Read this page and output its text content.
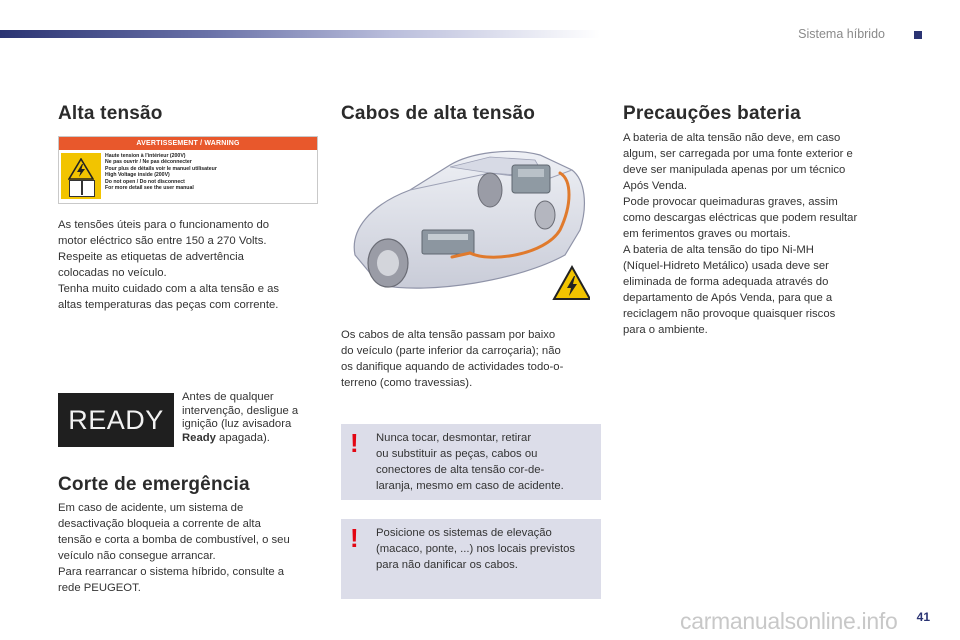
Sistema híbrido
Alta tensão
AVERTISSEMENT / WARNING
Haute tension à l'intérieur (200V)
Ne pas ouvrir / Ne pas déconnecter
Pour plus de détails voir le manuel utilisateur
High Voltage inside (200V)
Do not open / Do not disconnect
For more detail see the user manual

As tensões úteis para o funcionamento do

motor eléctrico são entre 150 a 270 Volts.

Respeite as etiquetas de advertência

colocadas no veículo.

Tenha muito cuidado com a alta tensão e as

altas temperaturas das peças com corrente.

READY

Antes de qualquer

intervenção, desligue a

ignição (luz avisadora

Ready apagada).

Corte de emergência

Em caso de acidente, um sistema de

desactivação bloqueia a corrente de alta

tensão e corta a bomba de combustível, o seu

veículo não consegue arrancar.

Para rearrancar o sistema híbrido, consulte a

rede PEUGEOT.

Cabos de alta tensão

Os cabos de alta tensão passam por baixo

do veículo (parte inferior da carroçaria); não

os danifique aquando de actividades todo-o-

terreno (como travessias).

! Nunca tocar, desmontar, retirar

ou substituir as peças, cabos ou

conectores de alta tensão cor-de-

laranja, mesmo em caso de acidente.

! Posicione os sistemas de elevação

(macaco, ponte, ...) nos locais previstos

para não danificar os cabos.

Precauções bateria

A bateria de alta tensão não deve, em caso

algum, ser carregada por uma fonte exterior e

deve ser manipulada apenas por um técnico

Após Venda.

Pode provocar queimaduras graves, assim

como descargas eléctricas que podem resultar

em ferimentos graves ou mortais.

A bateria de alta tensão do tipo Ni-MH

(Níquel-Hidreto Metálico) usada deve ser

eliminada de forma adequada através do

departamento de Após Venda, para que a

reciclagem não provoque quaisquer riscos

para o ambiente.

carmanualsonline.info 41
